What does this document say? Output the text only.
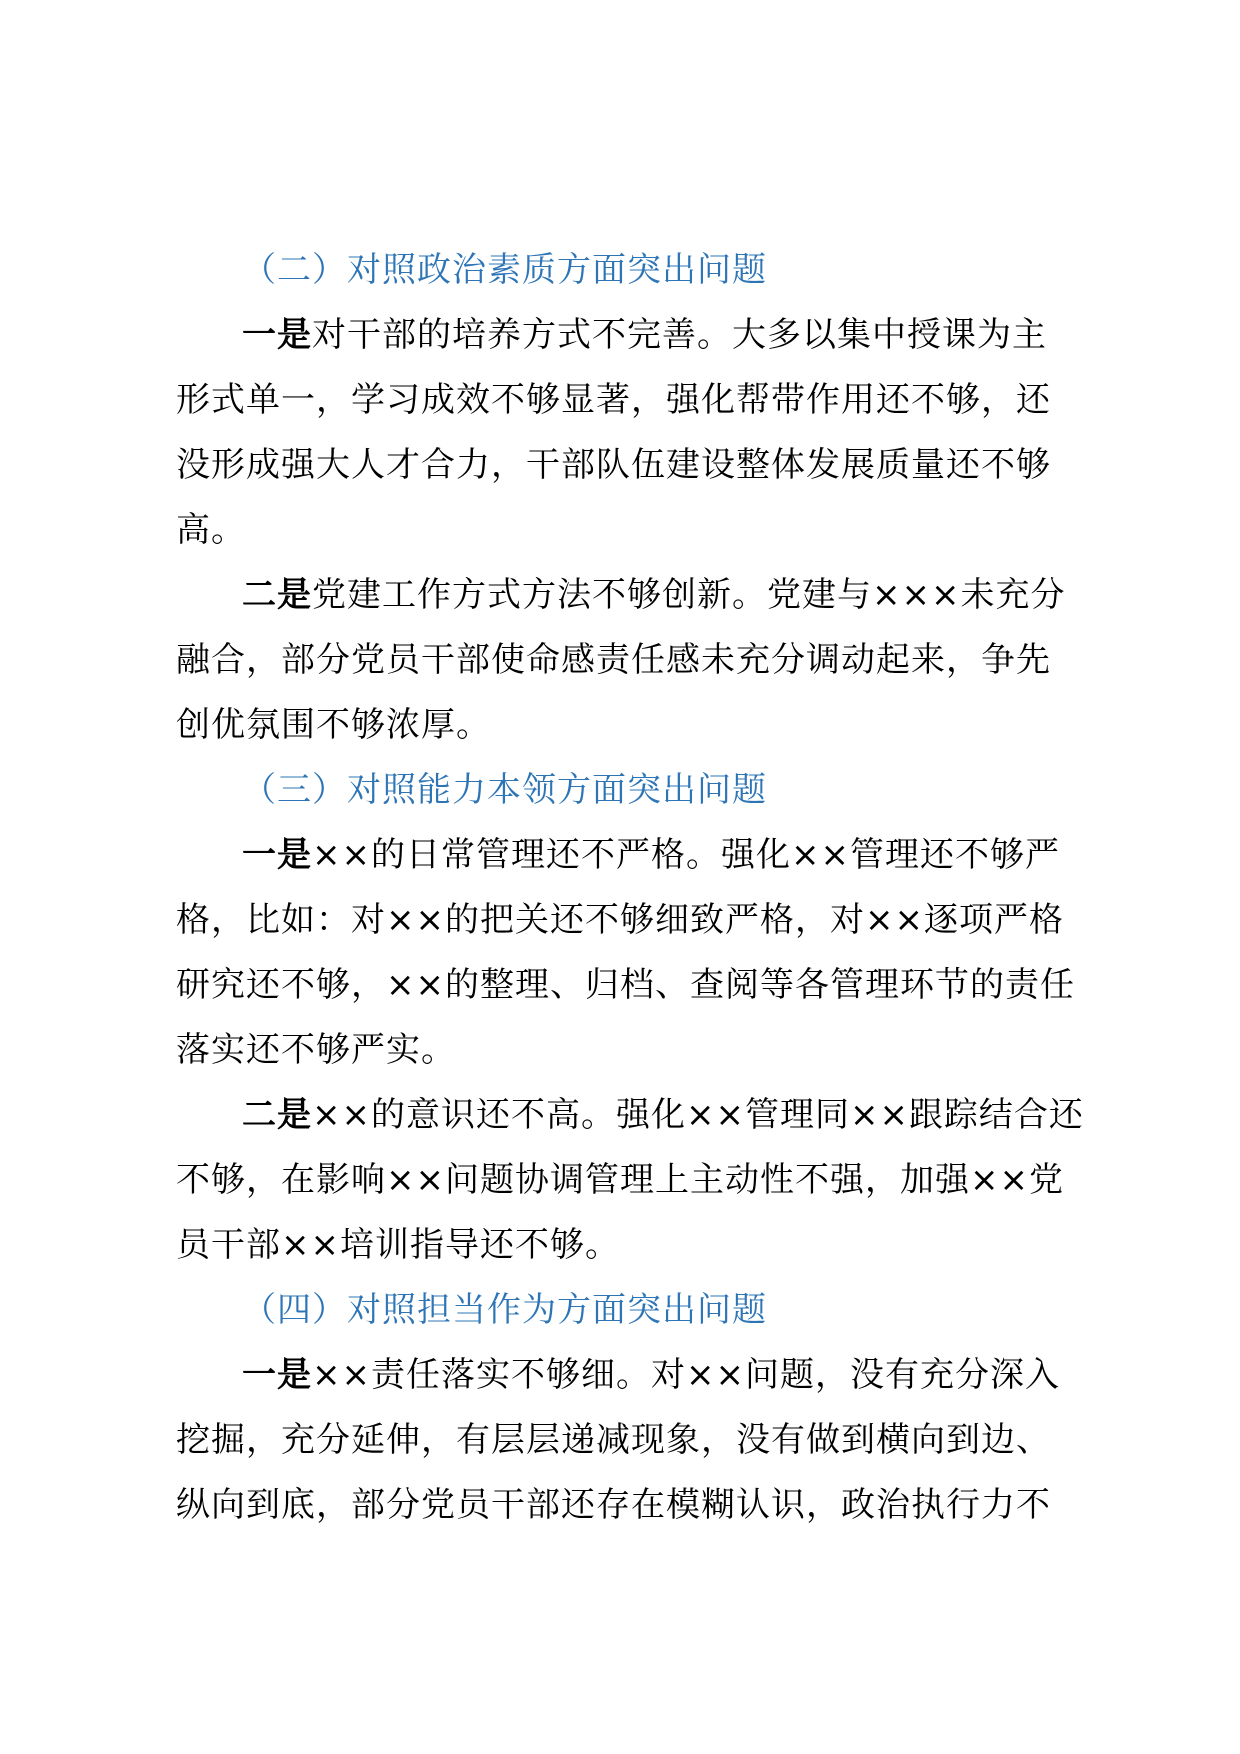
（二）对照政治素质方面突出问题
一是对干部的培养方式不完善。大多以集中授课为主
形式单一，学习成效不够显著，强化帮带作用还不够，还
没形成强大人才合力，干部队伍建设整体发展质量还不够
高。
二是党建工作方式方法不够创新。党建与×××未充分
融合，部分党员干部使命感责任感未充分调动起来，争先
创优氛围不够浓厚。
（三）对照能力本领方面突出问题
一是××的日常管理还不严格。强化××管理还不够严
格，比如：对××的把关还不够细致严格，对××逐项严格
研究还不够，××的整理、归档、查阅等各管理环节的责任
落实还不够严实。
二是××的意识还不高。强化××管理同××跟踪结合还
不够，在影响××问题协调管理上主动性不强，加强××党
员干部××培训指导还不够。
（四）对照担当作为方面突出问题
一是××责任落实不够细。对××问题，没有充分深入
挖掘，充分延伸，有层层递减现象，没有做到横向到边、
纵向到底，部分党员干部还存在模糊认识，政治执行力不
